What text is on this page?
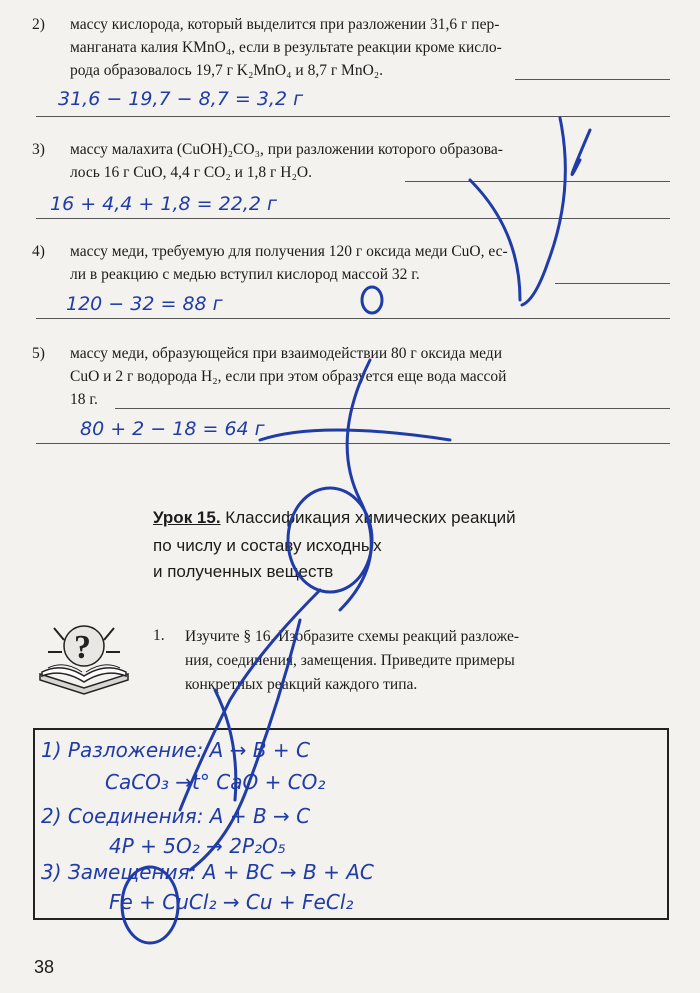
2) массу кислорода, который выделится при разложении 31,6 г пер-
манганата калия KMnO₄, если в результате реакции кроме кисло-
рода образовалось 19,7 г K₂MnO₄ и 8,7 г MnO₂.
31,6 − 19,7 − 8,7 = 3,2 г
3) массу малахита (CuOH)₂CO₃, при разложении которого образова-
лось 16 г CuO, 4,4 г CO₂ и 1,8 г H₂O.
16 + 4,4 + 1,8 = 22,2 г
4) массу меди, требуемую для получения 120 г оксида меди CuO, ес-
ли в реакцию с медью вступил кислород массой 32 г.
120 − 32 = 88 г
5) массу меди, образующейся при взаимодействии 80 г оксида меди
CuO и 2 г водорода H₂, если при этом образуется еще вода массой
18 г.
80 + 2 − 18 = 64 г
Урок 15. Классификация химических реакций
по числу и составу исходных
и полученных веществ
?	1. Изучите § 16. Изобразите схемы реакций разложе-
ния, соединения, замещения. Приведите примеры
конкретных реакций каждого типа.
1) Разложение: A → B + C
CaCO₃ →t° CaO + CO₂
2) Соединения: A + B → C
4P + 5O₂ → 2P₂O₅
3) Замещения: A + BC → B + AC
Fe + CuCl₂ → Cu + FeCl₂
38
